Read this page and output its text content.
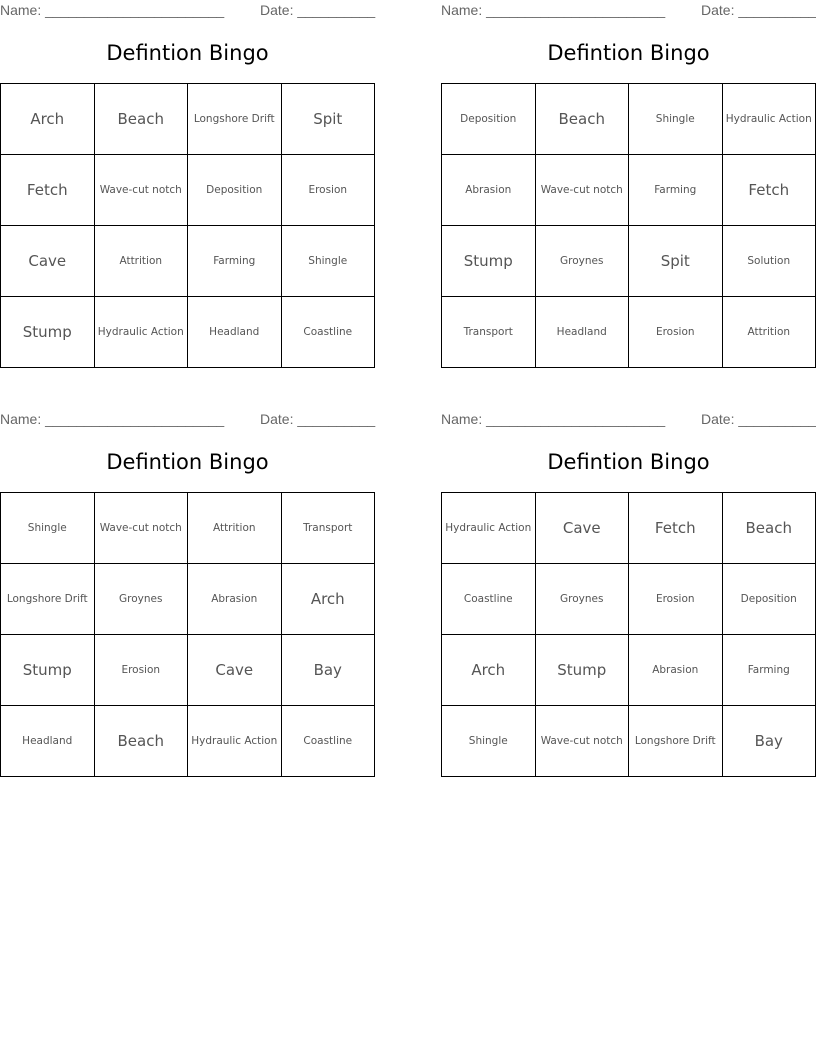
Name: _______________________	Date: __________
Defintion Bingo
Arch	Beach	Longshore Drift	Spit
Fetch	Wave-cut notch	Deposition	Erosion
Cave	Attrition	Farming	Shingle
Stump	Hydraulic Action	Headland	Coastline
Name: _______________________	Date: __________
Defintion Bingo
Deposition	Beach	Shingle	Hydraulic Action
Abrasion	Wave-cut notch	Farming	Fetch
Stump	Groynes	Spit	Solution
Transport	Headland	Erosion	Attrition
Name: _______________________	Date: __________
Defintion Bingo
Shingle	Wave-cut notch	Attrition	Transport
Longshore Drift	Groynes	Abrasion	Arch
Stump	Erosion	Cave	Bay
Headland	Beach	Hydraulic Action	Coastline
Name: _______________________	Date: __________
Defintion Bingo
Hydraulic Action	Cave	Fetch	Beach
Coastline	Groynes	Erosion	Deposition
Arch	Stump	Abrasion	Farming
Shingle	Wave-cut notch	Longshore Drift	Bay
